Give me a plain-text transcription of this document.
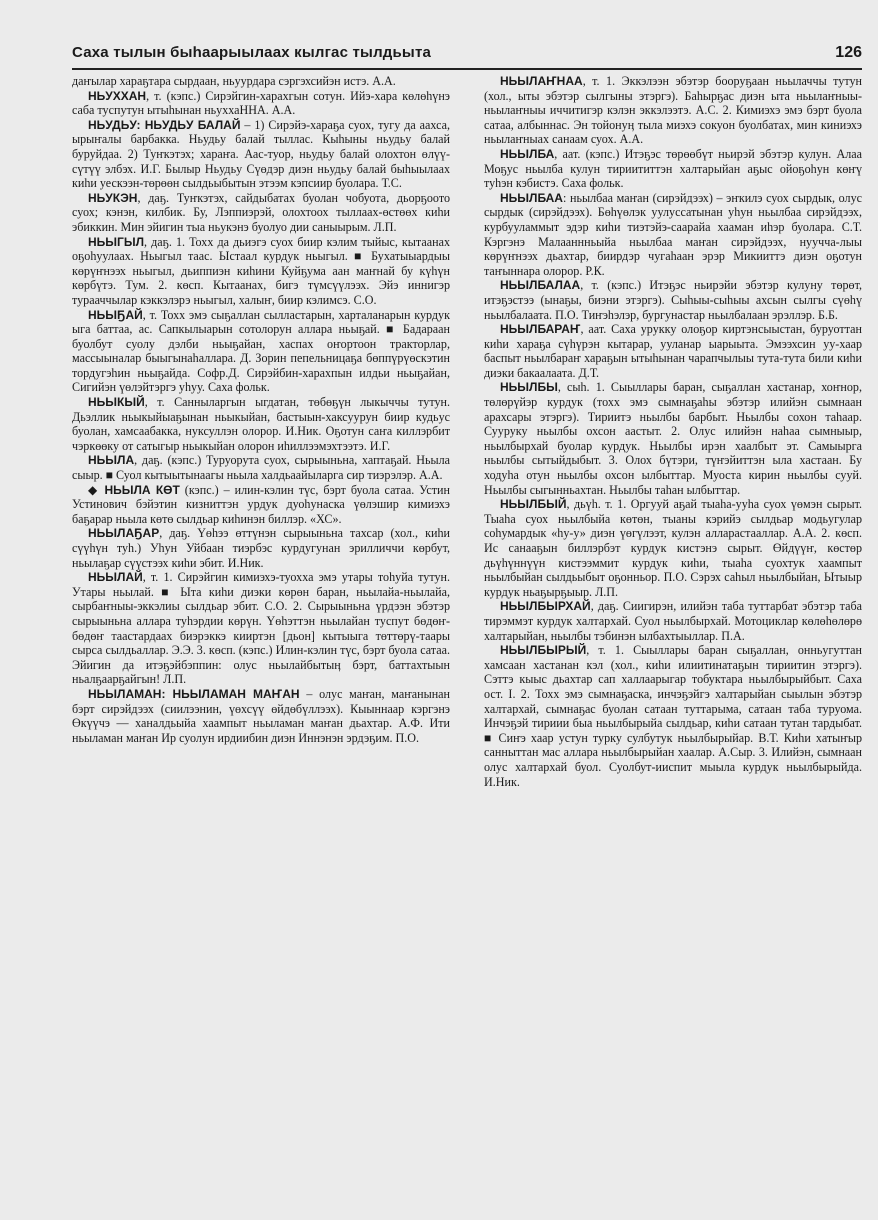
Саха тылын быһаарыылаах кылгас тылдьыта	126

даҥылар хараҕтарa сырдаан, ньуурдара сэргэхсийэн истэ. А.А.

НЬУХХАН, т. (кэпс.) Сирэйгин-харахгын сотун. Ийэ-хара көлөһүнэ саба туспутун ытыһынан ньуххаННА. А.А.

НЬУДЬУ: НЬУДЬУ БАЛАЙ – 1) Сирэйэ-хараҕа суох, тугу да аахса, ырыҥалы барбакка. Ньудьу балай тыллас. Кыһыны ньудьу балай буруйдаа. 2) Туҥкэтэх; хараҥа. Аас-туор, ньудьу балай олохтон өлүү-сүтүү элбэх. И.Г. Былыр Ньудьу Сүөдэр диэн ньудьу балай быһыылаах киһи уескээн-төрөөн сылдьыбытын этээм кэпсиир буолара. Т.С.

НЬУКЭН, даҕ. Туҥкэтэх, сайдыбатах буолан чобуота, дьорҕоото суох; кэнэн, килбик. Бу, Лэппиэрэй, олохтоох тыллаах-өстөөх киһи эбиккин. Мин эйигин тыа ньукэнэ буолуо дии саныырым. Л.П.

НЬЫГЫЛ, даҕ. 1. Тохх да дьиэгэ суох биир кэлим тыйыс, кытаанах оҕоһуулаах. Ньыгыл таас. Ыстаал курдук ньыгыл. ■ Бухатыыардыы көрүҥнээх ньыгыл, дьиппиэн киһини Куйҕума аан маҥнай бу күһүн көрбүтэ. Тум. 2. көсп. Кытаанах, бигэ түмсүүлээх. Эйэ иннигэр турааччылар кэккэлэрэ ньыгыл, халыҥ, биир кэлимсэ. С.О.

НЬЫҔАЙ, т. Тохх эмэ сыҕаллан сылластарын, харталанарын курдук ыга баттаа, ас. Сапкылыарын сотолорун аллара ньыҕай. ■ Бадараан буолбут суолу дэлби ньыҕайан, хаспах оҥортоон тракторлар, массыыналар быыгынаһаллара. Д. Зорин пепельницаҕа бөппүрүөскэтин тордугэһин ньыҕайда. Софр.Д. Сирэйбин-харахпын илдьи ньыҕайан, Сигийэн үөлэйтэргэ уһуу. Саха фольк.

НЬЫКЫЙ, т. Санныларгын ыгдатан, төбөҕүн лыкыччы тутун. Дьэллик ньыкыйыаҕынан ньыкыйан, бастыын-хаксуурун биир кудьус буолан, хамсаабакка, нуксуллэн олорор. И.Ник. Оҕотун саҥа киллэрбит чэркөөку от сатыгыр ньыкыйан олорон иһиллээмэхтээтэ. И.Г.

НЬЫЛА, даҕ. (кэпс.) Туруорута суох, сырыыньна, хаптаҕай. Ньыла сыыр. ■ Суол кытыытынаагы ньыла халдьаайыларга сир тиэрэлэр. А.А.

◆ НЬЫЛА КӨТ (кэпс.) – илин-кэлин түс, бэрт буола сатаа. Устин Устинович бэйэтин кизниттэн урдук дуоһунаска үөлэшир кимиэхэ баҕарар ньыла көтө сылдьар киһинэн биллэр. «ХС».

НЬЫЛАҔАР, даҕ. Үөһээ өттүнэн сырыыньна тахсар (хол., киһи сүүһүн туһ.) Уһун Уйбаан тиэрбэс курдугунан эрилличчи көрбут, ньылаҕар сүүстээх киһи эбит. И.Ник.

НЬЫЛАЙ, т. 1. Сирэйгин кимиэхэ-туохха эмэ утары тоһуйа тутун. Утары ньылай. ■ Ыта киһи диэки көрөн баран, ньылайа-ньылайа, сырбаҥныы-эккэлиы сылдьар эбит. С.О. 2. Сырыыньна үрдээн эбэтэр сырыыньна аллара туһэрдии көрүн. Үөһэттэн ньылайан туспут бөдөҥ-бөдөҥ таастардаах биэрэккэ кииртэн [дьон] кытыыга төттөрү-таары сырса сылдьаллар. Э.Э. 3. көсп. (кэпс.) Илин-кэлин түс, бэрт буола сатаа. Эйигин да итэҕэйбэппин: олус ньылайбытыӊ бэрт, баттахтыын ньалҕаарҕайгын! Л.П.

НЬЫЛАМАН: НЬЫЛАМАН МАҤАН – олус маҥан, маҥанынан бэрт сирэйдээх (сиилээнин, үөхсүү өйдөбүллээх). Кыыннаар кэргэнэ Өкүүчэ — ханалдьыйа хаампыт ньыламан маҥан дьахтар. А.Ф. Ити ньыламан маҥан Ир суолун ирдиибин диэн Иннэнэн эрдэҕим. П.О.

НЬЫЛАҤНАА, т. 1. Эккэлээн эбэтэр бооруҕаан ньылаччы тутун (хол., ыты эбэтэр сылгыны этэргэ). Баһырҕас диэн ыта ньылаҥныы-ньылаҥныы иччитигэр кэлэн эккэлээтэ. А.С. 2. Кимиэхэ эмэ бэрт буола сатаа, албыннас. Эн тойонуӊ тыла миэхэ сокуон буолбатах, мин киниэхэ ньылаҥныах санаам суох. А.А.

НЬЫЛБА, аат. (кэпс.) Итэҕэс төрөөбүт ньирэй эбэтэр кулун. Алаа Моҕус ньылба кулун тириититтэн халтарыйан аҕыс ойоҕоһун көҥү туһэн кэбистэ. Саха фольк.

НЬЫЛБАА: ньылбаа маҥан (сирэйдээх) – эҥкилэ суох сырдык, олус сырдык (сирэйдээх). Бөһүөлэк уулуссатынан уһун ньылбаа сирэйдээх, курбууламмыт эдэр киһи тиэтэйэ-саарайа хааман иһэр буолара. С.Т. Кэргэнэ Малааннньыйа ньылбаа маҥан сирэйдээх, нуучча-лыы көрүҥнээх дьахтар, биирдэр чугаһаан эрэр Микииттэ диэн оҕотун таҥыннара олорор. Р.К.

НЬЫЛБАЛАА, т. (кэпс.) Итэҕэс ньирэйи эбэтэр кулуну төрөт, итэҕэстээ (ынаҕы, биэни этэргэ). Сыһыы-сыһыы ахсын сылгы сүөһү ньылбалаата. П.О. Тиҥэһэлэр, бургунастар ньылбалаан эрэллэр. Б.Б.

НЬЫЛБАРАҤ, аат. Саха урукку олоҕор киртэнсыыстан, буруоттан киһи хараҕа сүһүрэн кытарар, ууланар ыарыыта. Эмээхсин уу-хаар баспыт ньылбараҥ хараҕын ытыһынан чарапчылыы тута-тута били киһи диэки бакаалаата. Д.Т.

НЬЫЛБЫ, сыһ. 1. Сыыллары баран, сыҕаллан хастанар, хоҥнор, төлөрүйэр курдук (тохх эмэ сымнаҕаһы эбэтэр илийэн сымнаан арахсары этэргэ). Тириитэ ньылбы барбыт. Ньылбы сохон таһаар. Сууруку ньылбы охсон аастыт. 2. Олус илийэн наһаа сымныыр, ньылбырхай буолар курдук. Ньылбы ирэн хаалбыт эт. Самыырга ньылбы сытыйдыбыт. 3. Олох бүтэри, түҥэйиттэн ыла хастаан. Бу ходуһа отун ньылбы охсон ылбыттар. Муоста кирин ньылбы сууй. Ньылбы сыгынньахтан. Ньылбы таһан ылбыттар.

НЬЫЛБЫЙ, дьүһ. т. 1. Оргууй аҕай тыаһа-ууһа суох үөмэн сырыт. Тыаһа суох ньылбыйа көтөн, тыаны кэрийэ сылдьар модьугулар соһумардык «һу-у» диэн үөгүлээт, кулэн алларастааллар. А.А. 2. көсп. Ис санааҕын биллэрбэт курдук кистэнэ сырыт. Өйдүүҥ, көстөр дьүһүннүүн кистээммит курдук киһи, тыаһа суохтук хаампыт ньылбыйан сылдьыбыт оҕонньор. П.О. Сэрэх саһыл ньылбыйан, Ытыыр курдук ньаҕырҕыыр. Л.П.

НЬЫЛБЫРХАЙ, даҕ. Сиигирэн, илийэн таба туттарбат эбэтэр таба тирэммэт курдук халтархай. Суол ньылбырхай. Мотоциклар көлөһөлөрө халтарыйан, ньылбы тэбинэн ылбахтыыллар. П.А.

НЬЫЛБЫРЫЙ, т. 1. Сыыллары баран сыҕаллан, онньугуттан хамсаан хастанан кэл (хол., киһи илиитинатаҕын тириитин этэргэ). Сэттэ кыыс дьахтар сап халлаарыгар тобуктара ньылбырыйбыт. Саха ост. I. 2. Тохх эмэ сымнаҕаска, инчэҕэйгэ халтарыйан сыылын эбэтэр халтархай, сымнаҕас буолан сатаан туттарыма, сатаан таба туруома. Инчэҕэй тириии быа ньылбырыйа сылдьар, киһи сатаан тутан тардыбат. ■ Сиҥэ хаар устун турку сулбутук ньылбырыйар. В.Т. Киһи хатыҥыр санныттан мас аллара ньылбырыйан хаалар. А.Сыр. 3. Илийэн, сымнаан олус халтархай буол. Суолбут-ииспит мыыла курдук ньылбырыйда. И.Ник.
